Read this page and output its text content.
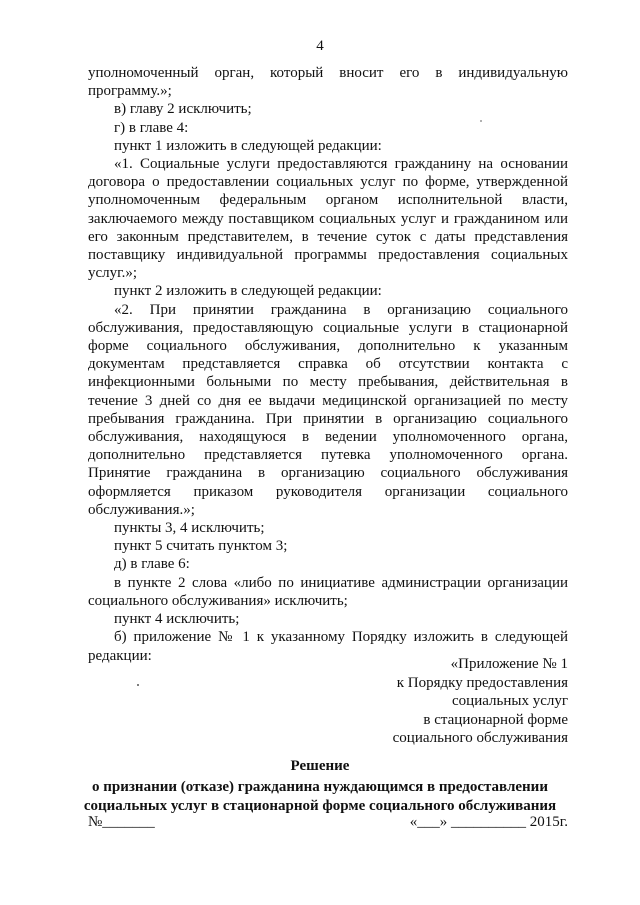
4

уполномоченный орган, который вносит его в индивидуальную программу.»;

в) главу 2 исключить;

г) в главе 4:

пункт 1 изложить в следующей редакции:

«1. Социальные услуги предоставляются гражданину на основании договора о предоставлении социальных услуг по форме, утвержденной уполномоченным федеральным органом исполнительной власти, заключаемого между поставщиком социальных услуг и гражданином или его законным представителем, в течение суток с даты представления поставщику индивидуальной программы предоставления социальных услуг.»;

пункт 2 изложить в следующей редакции:

«2. При принятии гражданина в организацию социального обслуживания, предоставляющую социальные услуги в стационарной форме социального обслуживания, дополнительно к указанным документам представляется справка об отсутствии контакта с инфекционными больными по месту пребывания, действительная в течение 3 дней со дня ее выдачи медицинской организацией по месту пребывания гражданина. При принятии в организацию социального обслуживания, находящуюся в ведении уполномоченного органа, дополнительно представляется путевка уполномоченного органа. Принятие гражданина в организацию социального обслуживания оформляется приказом руководителя организации социального обслуживания.»;

пункты 3, 4 исключить;

пункт 5 считать пунктом 3;

д) в главе 6:

в пункте 2 слова «либо по инициативе администрации организации социального обслуживания» исключить;

пункт 4 исключить;

б) приложение № 1 к указанному Порядку изложить в следующей редакции:

«Приложение № 1
к Порядку предоставления
социальных услуг
в стационарной форме
социального обслуживания
Решение
о признании (отказе) гражданина нуждающимся в предоставлении
социальных услуг в стационарной форме социального обслуживания
№_______	«___» __________ 2015г.
